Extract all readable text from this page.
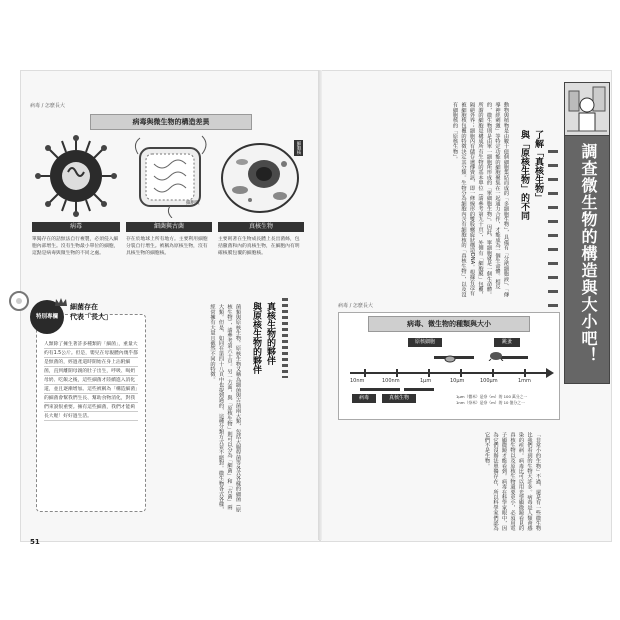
病毒 / 怎麼長大
病毒與微生物的構造差異
細胞膜
細胞核
病毒	細菌與古菌	真核生物
單獨存在的話無法自行複製，必須侵入細胞內部增生。沒有生物最小單位的細胞，這點是病毒與微生物的不同之處。
存在於地球上所有地方。主要利用細胞分裂自行增生。被稱為原核生物，沒有具核生物的細胞核。
主要則著在生物成長體上長出菌絲，包括黴菌和內的真核生物，在細胞內有明確核膜包覆的細胞核。
真核生物的夥伴
與原核生物的夥伴
菌類與原核生物。原核生物又稱為細菌與古菌兩大類，包括大腸桿菌等各式各樣的細菌（原核生物），請參考第六十頁。另一方面，與「原核生物」則可以分為「細菌」和「古菌」兩大類。但是，如同在第四十八頁中也提到過的，這種分類方式並不絕對。微生物各式各樣，經常擁有大量且截然不同的特徵。
特別專欄
細菌存在
代表「長大」
人類除了擁生著許多種類的「細菌」，重量大約有1.5公斤。但是，嬰兒在母親體內幾乎都是無菌的，經過產道時開始在身上沾附細菌，直到離開母親的肚子出生，呼吸、喝奶母奶、吃飯之後，這些細菌才陸續進入消化道，並且逐漸增加。這些被稱為「構造細菌」的細菌會幫我們生長、幫助食物消化，對我們來說很重要。擁有這些細菌，我們才能夠長大喔！好好過生活。
51
調查微生物的構造與大小吧！
了解「真核生物」
與「原核生物」的不同
動物與植物是由數十億個細胞集結而成的「多細胞生物」，具備有「分泌細胞液」、「傳導神經刺激」等特定功能的細胞聚集在一起通力合作，才能成為一個生命體。相反的，微生物則是由單一細胞所形成的「單細胞生物」。因此，單細胞就是一個生命體。所謂的細胞是構成所有生物的基本單位（請參考第九十頁），外側有「細胞膜」包覆，隔絕外界；細胞內有儲存遺傳資訊，即一條線形的雙股螺旋狀構造DNA。根據有沒有被細胞核包覆的特徵決定其分類。生物分為細胞內含有細胞核的「真核生物」，以及沒有細胞核的「原核生物」。
病毒 / 怎麼長大
病毒、微生物的種類與大小
10nm	100nm	1μm	10μm	100μm	1mm
原核細胞	跳蚤
病毒	真核生物	1μm（微米）是奈（m）的 100 萬分之一
1nm（奈米）是奈（m）的 10 億分之一
「非常小的生物」不過，還是有一些微生物比我們看到的生物大許多。病毒是人類會感染的疾病。病毒比可以用光學顯微鏡看見的真核生物以及原核生物還要更小，必須用電子顯微鏡才能看到。病毒在科學家眼中，因為它們沒辦法單獨存在，所以科學家們認為它們不是生物。
